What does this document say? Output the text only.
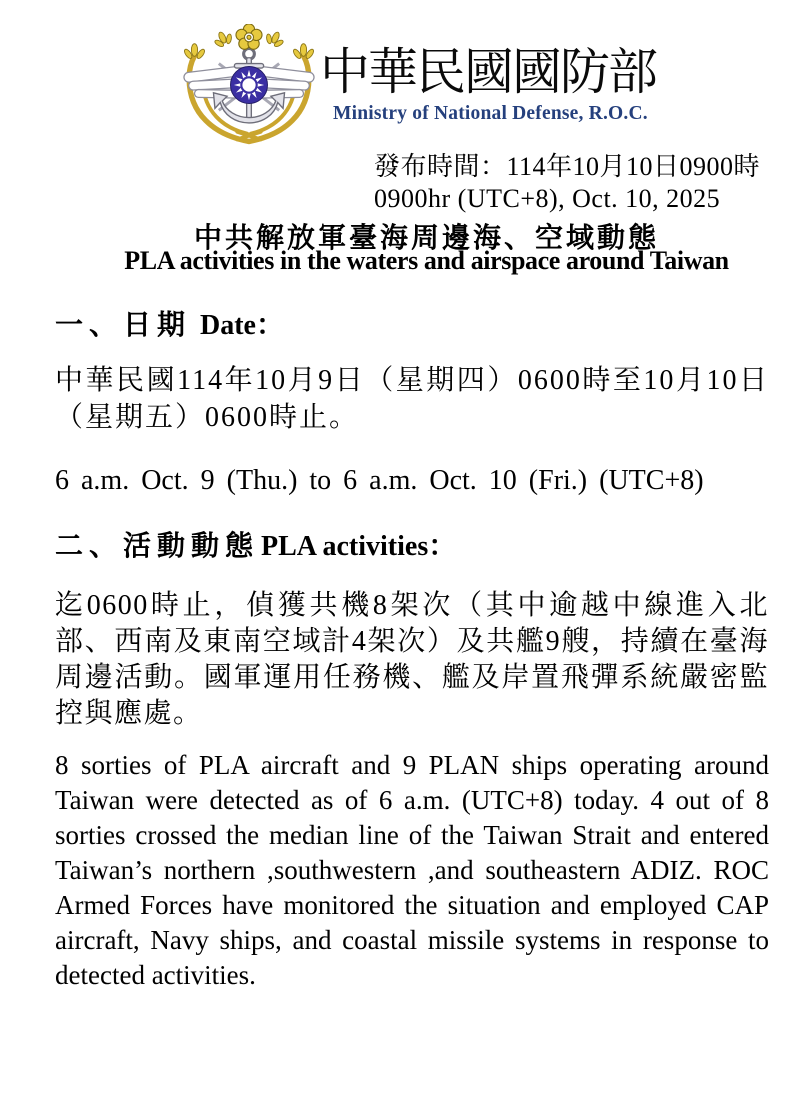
中華民國國防部
Ministry of National Defense, R.O.C.
發布時間：114年10月10日0900時
0900hr (UTC+8), Oct. 10, 2025
中共解放軍臺海周邊海、空域動態
PLA activities in the waters and airspace around Taiwan
一、日期 Date：
中華民國114年10月9日（星期四）0600時至10月10日（星期五）0600時止。
6 a.m. Oct. 9 (Thu.) to 6 a.m. Oct. 10 (Fri.) (UTC+8)
二、活動動態PLA activities：
迄0600時止，偵獲共機8架次（其中逾越中線進入北部、西南及東南空域計4架次）及共艦9艘，持續在臺海周邊活動。國軍運用任務機、艦及岸置飛彈系統嚴密監控與應處。
8 sorties of PLA aircraft and 9 PLAN ships operating around Taiwan were detected as of 6 a.m. (UTC+8) today. 4 out of 8 sorties crossed the median line of the Taiwan Strait and entered Taiwan’s northern ,southwestern ,and southeastern ADIZ. ROC Armed Forces have monitored the situation and employed CAP aircraft, Navy ships, and coastal missile systems in response to detected activities.
